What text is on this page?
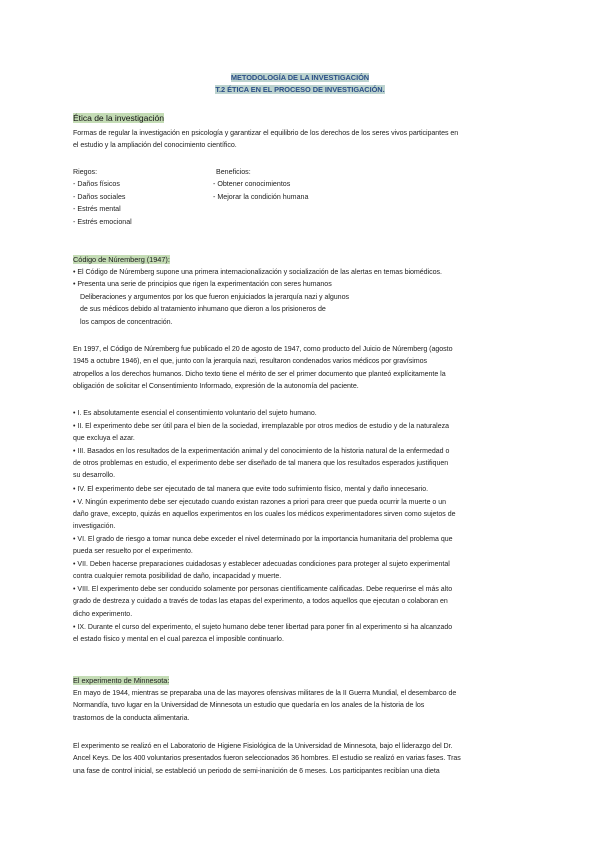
METODOLOGÍA DE LA INVESTIGACIÓN
T.2 ÉTICA EN EL PROCESO DE INVESTIGACIÓN.
Ética de la investigación
Formas de regular la investigación en psicología y garantizar el equilibrio de los derechos de los seres vivos participantes en
el estudio y la ampliación del conocimiento científico.
Riegos:
- Daños físicos
- Daños sociales
- Estrés mental
- Estrés emocional
Beneficios:
- Obtener conocimientos
- Mejorar la condición humana
Código de Núremberg (1947):
• El Código de Núremberg supone una primera internacionalización y socialización de las alertas en temas biomédicos.
• Presenta una serie de principios que rigen la experimentación con seres humanos
Deliberaciones y argumentos por los que fueron enjuiciados la jerarquía nazi y algunos
de sus médicos debido al tratamiento inhumano que dieron a los prisioneros de
los campos de concentración.
En 1997, el Código de Núremberg fue publicado el 20 de agosto de 1947, como producto del Juicio de Núremberg (agosto
1945 a octubre 1946), en el que, junto con la jerarquía nazi, resultaron condenados varios médicos por gravísimos
atropellos a los derechos humanos. Dicho texto tiene el mérito de ser el primer documento que planteó explícitamente la
obligación de solicitar el Consentimiento Informado, expresión de la autonomía del paciente.
• I. Es absolutamente esencial el consentimiento voluntario del sujeto humano.
• II. El experimento debe ser útil para el bien de la sociedad, irremplazable por otros medios de estudio y de la naturaleza
que excluya el azar.
• III. Basados en los resultados de la experimentación animal y del conocimiento de la historia natural de la enfermedad o
de otros problemas en estudio, el experimento debe ser diseñado de tal manera que los resultados esperados justifiquen
su desarrollo.
• IV. El experimento debe ser ejecutado de tal manera que evite todo sufrimiento físico, mental y daño innecesario.
• V. Ningún experimento debe ser ejecutado cuando existan razones a priori para creer que pueda ocurrir la muerte o un
daño grave, excepto, quizás en aquellos experimentos en los cuales los médicos experimentadores sirven como sujetos de
investigación.
• VI. El grado de riesgo a tomar nunca debe exceder el nivel determinado por la importancia humanitaria del problema que
pueda ser resuelto por el experimento.
• VII. Deben hacerse preparaciones cuidadosas y establecer adecuadas condiciones para proteger al sujeto experimental
contra cualquier remota posibilidad de daño, incapacidad y muerte.
• VIII. El experimento debe ser conducido solamente por personas científicamente calificadas. Debe requerirse el más alto
grado de destreza y cuidado a través de todas las etapas del experimento, a todos aquellos que ejecutan o colaboran en
dicho experimento.
• IX. Durante el curso del experimento, el sujeto humano debe tener libertad para poner fin al experimento si ha alcanzado
el estado físico y mental en el cual parezca el imposible continuarlo.
El experimento de Minnesota:
En mayo de 1944, mientras se preparaba una de las mayores ofensivas militares de la II Guerra Mundial, el desembarco de
Normandía, tuvo lugar en la Universidad de Minnesota un estudio que quedaría en los anales de la historia de los
trastornos de la conducta alimentaria.
El experimento se realizó en el Laboratorio de Higiene Fisiológica de la Universidad de Minnesota, bajo el liderazgo del Dr.
Ancel Keys. De los 400 voluntarios presentados fueron seleccionados 36 hombres. El estudio se realizó en varias fases. Tras
una fase de control inicial, se estableció un periodo de semi-inanición de 6 meses. Los participantes recibían una dieta
